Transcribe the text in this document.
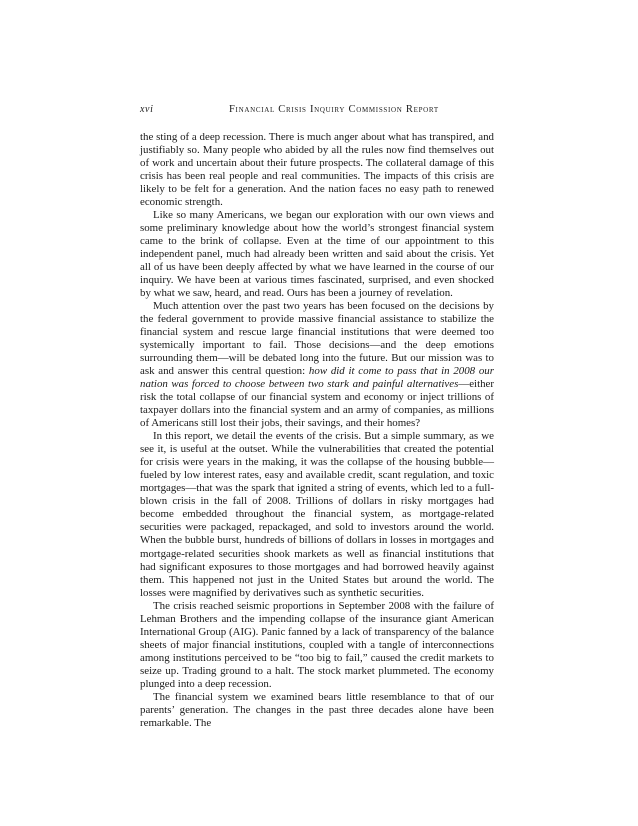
xvi	Financial Crisis Inquiry Commission Report

the sting of a deep recession. There is much anger about what has transpired, and justifiably so. Many people who abided by all the rules now find themselves out of work and uncertain about their future prospects. The collateral damage of this crisis has been real people and real communities. The impacts of this crisis are likely to be felt for a generation. And the nation faces no easy path to renewed economic strength.

Like so many Americans, we began our exploration with our own views and some preliminary knowledge about how the world’s strongest financial system came to the brink of collapse. Even at the time of our appointment to this independent panel, much had already been written and said about the crisis. Yet all of us have been deeply affected by what we have learned in the course of our inquiry. We have been at various times fascinated, surprised, and even shocked by what we saw, heard, and read. Ours has been a journey of revelation.

Much attention over the past two years has been focused on the decisions by the federal government to provide massive financial assistance to stabilize the financial system and rescue large financial institutions that were deemed too systemically important to fail. Those decisions—and the deep emotions surrounding them—will be debated long into the future. But our mission was to ask and answer this central question: how did it come to pass that in 2008 our nation was forced to choose between two stark and painful alternatives—either risk the total collapse of our financial system and economy or inject trillions of taxpayer dollars into the financial system and an army of companies, as millions of Americans still lost their jobs, their savings, and their homes?

In this report, we detail the events of the crisis. But a simple summary, as we see it, is useful at the outset. While the vulnerabilities that created the potential for crisis were years in the making, it was the collapse of the housing bubble—fueled by low interest rates, easy and available credit, scant regulation, and toxic mortgages—that was the spark that ignited a string of events, which led to a full-blown crisis in the fall of 2008. Trillions of dollars in risky mortgages had become embedded throughout the financial system, as mortgage-related securities were packaged, repackaged, and sold to investors around the world. When the bubble burst, hundreds of billions of dollars in losses in mortgages and mortgage-related securities shook markets as well as financial institutions that had significant exposures to those mortgages and had borrowed heavily against them. This happened not just in the United States but around the world. The losses were magnified by derivatives such as synthetic securities.

The crisis reached seismic proportions in September 2008 with the failure of Lehman Brothers and the impending collapse of the insurance giant American International Group (AIG). Panic fanned by a lack of transparency of the balance sheets of major financial institutions, coupled with a tangle of interconnections among institutions perceived to be “too big to fail,” caused the credit markets to seize up. Trading ground to a halt. The stock market plummeted. The economy plunged into a deep recession.

The financial system we examined bears little resemblance to that of our parents’ generation. The changes in the past three decades alone have been remarkable. The
